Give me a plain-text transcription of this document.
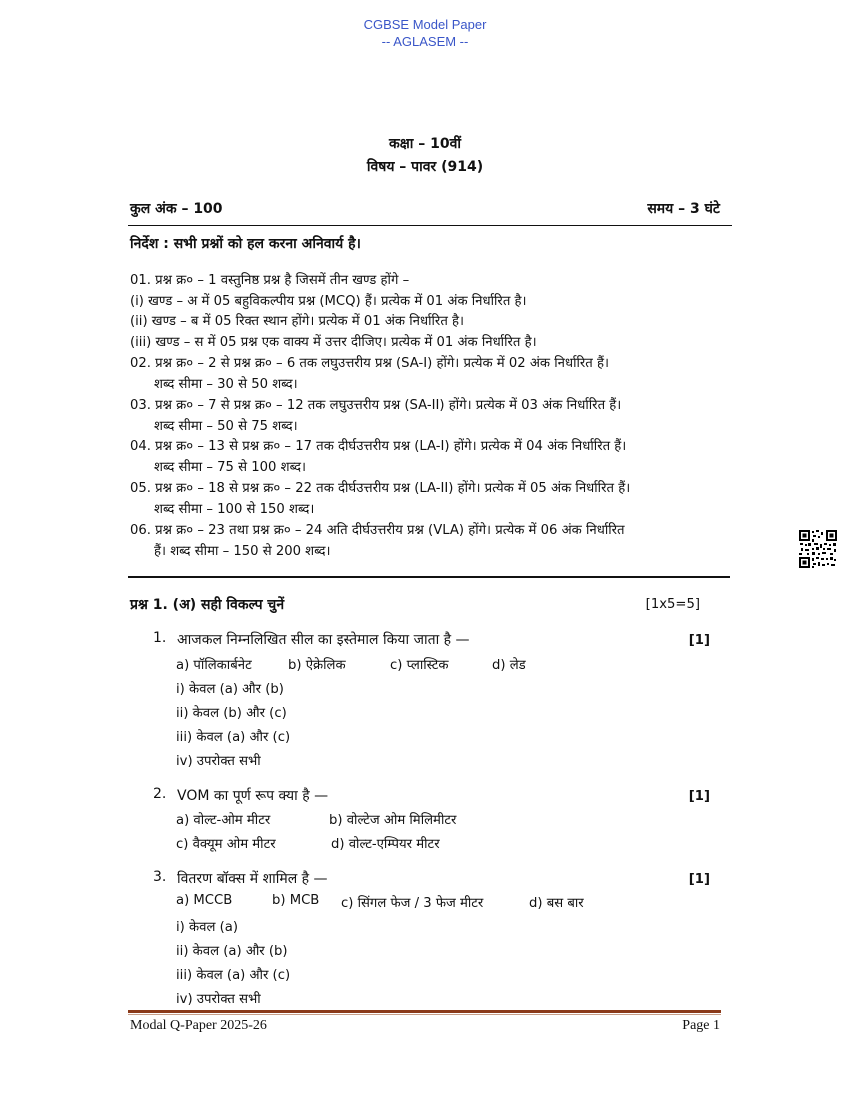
CGBSE Model Paper
-- AGLASEM --
कक्षा – 10वीं
विषय – पावर (914)
कुल अंक – 100	समय – 3 घंटे
निर्देश : सभी प्रश्नों को हल करना अनिवार्य है।
01. प्रश्न क्र० – 1 वस्तुनिष्ठ प्रश्न है जिसमें तीन खण्ड होंगे –
(i) खण्ड – अ में 05 बहुविकल्पीय प्रश्न (MCQ) हैं। प्रत्येक में 01 अंक निर्धारित है।
(ii) खण्ड – ब में 05 रिक्त स्थान होंगे। प्रत्येक में 01 अंक निर्धारित है।
(iii) खण्ड – स में 05 प्रश्न एक वाक्य में उत्तर दीजिए। प्रत्येक में 01 अंक निर्धारित है।
02. प्रश्न क्र० – 2 से प्रश्न क्र० – 6 तक लघुउत्तरीय प्रश्न (SA-I) होंगे। प्रत्येक में 02 अंक निर्धारित हैं।
शब्द सीमा – 30 से 50 शब्द।
03. प्रश्न क्र० – 7 से प्रश्न क्र० – 12 तक लघुउत्तरीय प्रश्न (SA-II) होंगे। प्रत्येक में 03 अंक निर्धारित हैं।
शब्द सीमा – 50 से 75 शब्द।
04. प्रश्न क्र० – 13 से प्रश्न क्र० – 17 तक दीर्घउत्तरीय प्रश्न (LA-I) होंगे। प्रत्येक में 04 अंक निर्धारित हैं।
शब्द सीमा – 75 से 100 शब्द।
05. प्रश्न क्र० – 18 से प्रश्न क्र० – 22 तक दीर्घउत्तरीय प्रश्न (LA-II) होंगे। प्रत्येक में 05 अंक निर्धारित हैं।
शब्द सीमा – 100 से 150 शब्द।
06. प्रश्न क्र० – 23 तथा प्रश्न क्र० – 24 अति दीर्घउत्तरीय प्रश्न (VLA) होंगे। प्रत्येक में 06 अंक निर्धारित
हैं। शब्द सीमा – 150 से 200 शब्द।
प्रश्न 1. (अ) सही विकल्प चुनें	[1x5=5]
1. आजकल निम्नलिखित सील का इस्तेमाल किया जाता है —	[1]
a) पॉलिकार्बनेट	b) ऐक्रेलिक	c) प्लास्टिक	d) लेड
i) केवल (a) और (b)
ii) केवल (b) और (c)
iii) केवल (a) और (c)
iv) उपरोक्त सभी
2. VOM का पूर्ण रूप क्या है —	[1]
a) वोल्ट-ओम मीटर	b) वोल्टेज ओम मिलिमीटर
c) वैक्यूम ओम मीटर	d) वोल्ट-एम्पियर मीटर
3. वितरण बॉक्स में शामिल है —	[1]
a) MCCB	b) MCB c) सिंगल फेज / 3 फेज मीटर	d) बस बार
i) केवल (a)
ii) केवल (a) और (b)
iii) केवल (a) और (c)
iv) उपरोक्त सभी
Modal Q-Paper 2025-26	Page 1
